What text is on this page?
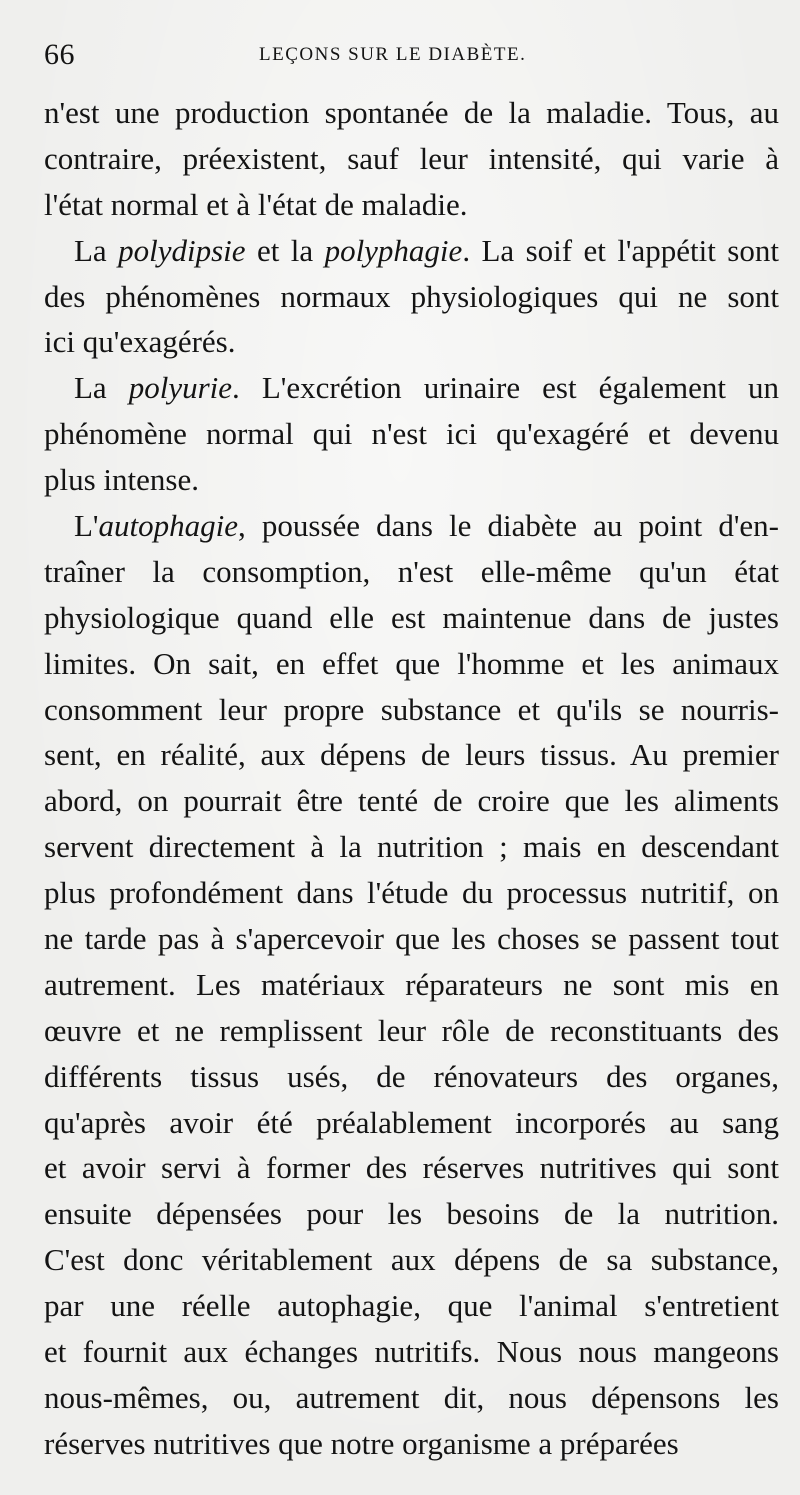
66	LEÇONS SUR LE DIABÈTE.
n'est une production spontanée de la maladie. Tous, au
contraire, préexistent, sauf leur intensité, qui varie à
l'état normal et à l'état de maladie.
La polydipsie et la polyphagie. La soif et l'appétit sont
des phénomènes normaux physiologiques qui ne sont
ici qu'exagérés.
La polyurie. L'excrétion urinaire est également un
phénomène normal qui n'est ici qu'exagéré et devenu
plus intense.
L'autophagie, poussée dans le diabète au point d'en-
traîner la consomption, n'est elle-même qu'un état
physiologique quand elle est maintenue dans de justes
limites. On sait, en effet que l'homme et les animaux
consomment leur propre substance et qu'ils se nourris-
sent, en réalité, aux dépens de leurs tissus. Au premier
abord, on pourrait être tenté de croire que les aliments
servent directement à la nutrition ; mais en descendant
plus profondément dans l'étude du processus nutritif, on
ne tarde pas à s'apercevoir que les choses se passent tout
autrement. Les matériaux réparateurs ne sont mis en
œuvre et ne remplissent leur rôle de reconstituants des
différents tissus usés, de rénovateurs des organes,
qu'après avoir été préalablement incorporés au sang
et avoir servi à former des réserves nutritives qui sont
ensuite dépensées pour les besoins de la nutrition.
C'est donc véritablement aux dépens de sa substance,
par une réelle autophagie, que l'animal s'entretient
et fournit aux échanges nutritifs. Nous nous mangeons
nous-mêmes, ou, autrement dit, nous dépensons les
réserves nutritives que notre organisme a préparées
